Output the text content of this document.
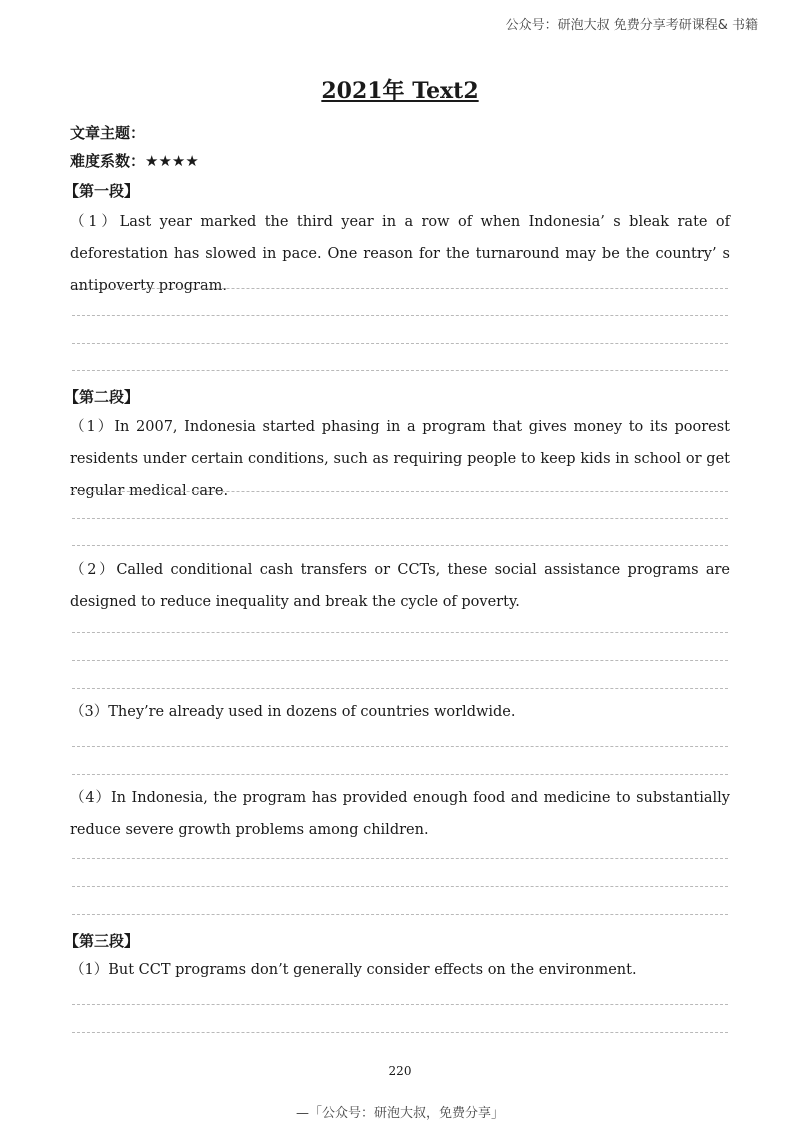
公众号：研泡大叔 免费分享考研课程& 书籍
2021年 Text2
文章主题：
难度系数：★★★★
【第一段】
（1）Last year marked the third year in a row of when Indonesia’ s bleak rate of deforestation has slowed in pace. One reason for the turnaround may be the country’ s antipoverty program.
【第二段】
（1）In 2007, Indonesia started phasing in a program that gives money to its poorest residents under certain conditions, such as requiring people to keep kids in school or get regular medical care.
（2）Called conditional cash transfers or CCTs, these social assistance programs are designed to reduce inequality and break the cycle of poverty.
（3）They’re already used in dozens of countries worldwide.
（4）In Indonesia, the program has provided enough food and medicine to substantially reduce severe growth problems among children.
【第三段】
（1）But CCT programs don’t generally consider effects on the environment.
220
—「公众号：研泡大叔，免费分享」
